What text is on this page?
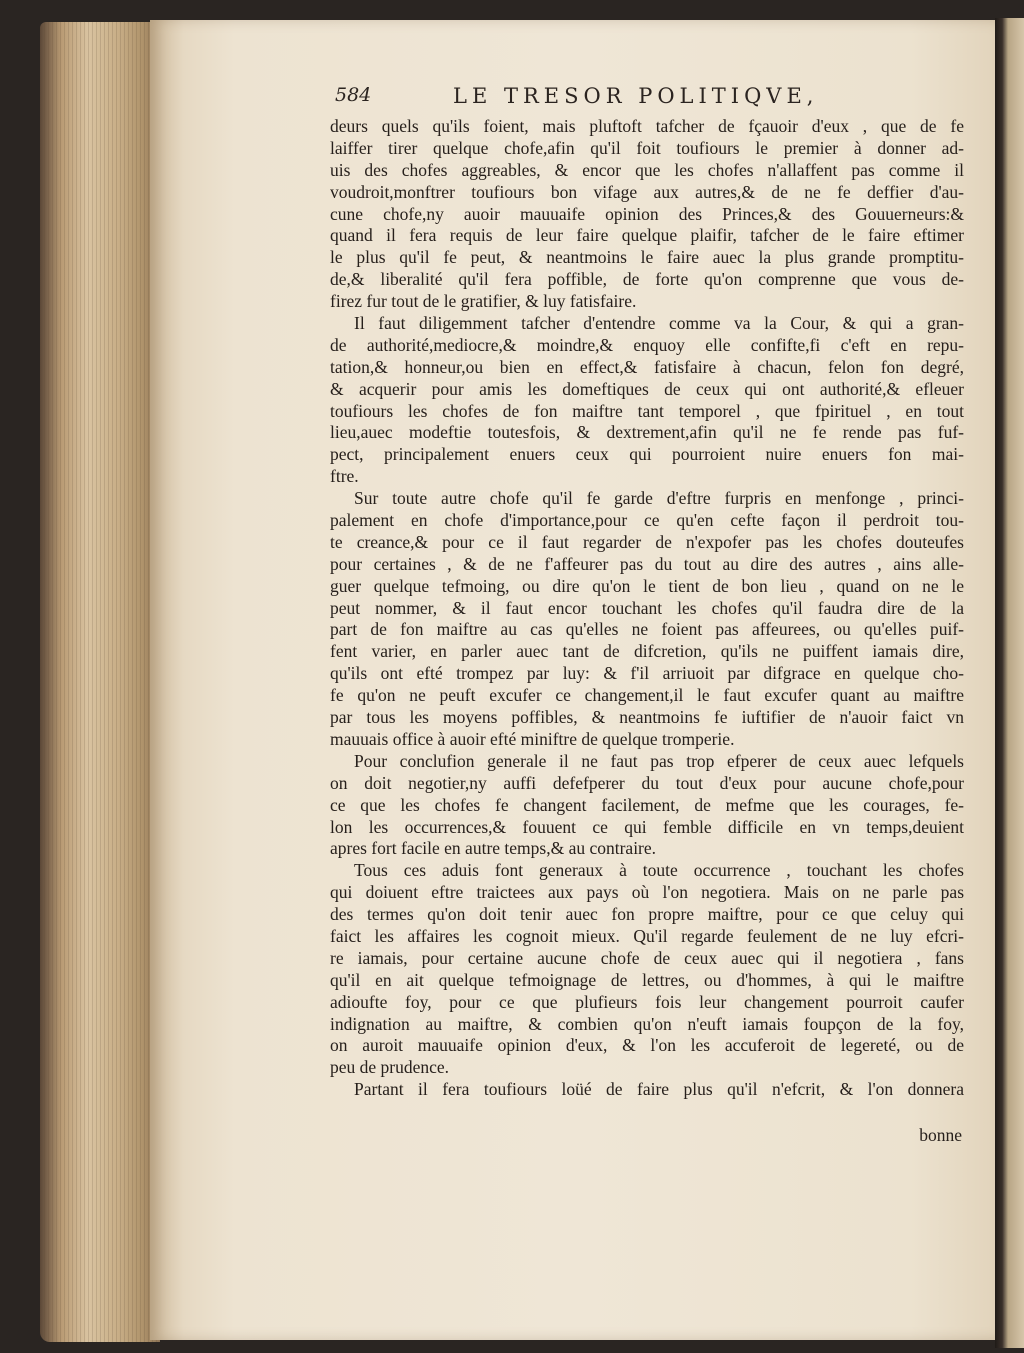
584	LE TRESOR POLITIQVE,
deurs quels qu'ils foient, mais pluftoft tafcher de fçauoir d'eux , que de fe
laiffer tirer quelque chofe,afin qu'il foit toufiours le premier à donner ad-
uis des chofes aggreables, & encor que les chofes n'allaffent pas comme il
voudroit,monftrer toufiours bon vifage aux autres,& de ne fe deffier d'au-
cune chofe,ny auoir mauuaife opinion des Princes,& des Gouuerneurs:&
quand il fera requis de leur faire quelque plaifir, tafcher de le faire eftimer
le plus qu'il fe peut, & neantmoins le faire auec la plus grande promptitu-
de,& liberalité qu'il fera poffible, de forte qu'on comprenne que vous de-
firez fur tout de le gratifier, & luy fatisfaire.
Il faut diligemment tafcher d'entendre comme va la Cour, & qui a gran-
de authorité,mediocre,& moindre,& enquoy elle confifte,fi c'eft en repu-
tation,& honneur,ou bien en effect,& fatisfaire à chacun, felon fon degré,
& acquerir pour amis les domeftiques de ceux qui ont authorité,& efleuer
toufiours les chofes de fon maiftre tant temporel , que fpirituel , en tout
lieu,auec modeftie toutesfois, & dextrement,afin qu'il ne fe rende pas fuf-
pect, principalement enuers ceux qui pourroient nuire enuers fon mai-
ftre.
Sur toute autre chofe qu'il fe garde d'eftre furpris en menfonge , princi-
palement en chofe d'importance,pour ce qu'en cefte façon il perdroit tou-
te creance,& pour ce il faut regarder de n'expofer pas les chofes douteufes
pour certaines , & de ne f'affeurer pas du tout au dire des autres , ains alle-
guer quelque tefmoing, ou dire qu'on le tient de bon lieu , quand on ne le
peut nommer, & il faut encor touchant les chofes qu'il faudra dire de la
part de fon maiftre au cas qu'elles ne foient pas affeurees, ou qu'elles puif-
fent varier, en parler auec tant de difcretion, qu'ils ne puiffent iamais dire,
qu'ils ont efté trompez par luy: & f'il arriuoit par difgrace en quelque cho-
fe qu'on ne peuft excufer ce changement,il le faut excufer quant au maiftre
par tous les moyens poffibles, & neantmoins fe iuftifier de n'auoir faict vn
mauuais office à auoir efté miniftre de quelque tromperie.
Pour conclufion generale il ne faut pas trop efperer de ceux auec lefquels
on doit negotier,ny auffi defefperer du tout d'eux pour aucune chofe,pour
ce que les chofes fe changent facilement, de mefme que les courages, fe-
lon les occurrences,& fouuent ce qui femble difficile en vn temps,deuient
apres fort facile en autre temps,& au contraire.
Tous ces aduis font generaux à toute occurrence , touchant les chofes
qui doiuent eftre traictees aux pays où l'on negotiera. Mais on ne parle pas
des termes qu'on doit tenir auec fon propre maiftre, pour ce que celuy qui
faict les affaires les cognoit mieux. Qu'il regarde feulement de ne luy efcri-
re iamais, pour certaine aucune chofe de ceux auec qui il negotiera , fans
qu'il en ait quelque tefmoignage de lettres, ou d'hommes, à qui le maiftre
adioufte foy, pour ce que plufieurs fois leur changement pourroit caufer
indignation au maiftre, & combien qu'on n'euft iamais foupçon de la foy,
on auroit mauuaife opinion d'eux, & l'on les accuferoit de legereté, ou de
peu de prudence.
Partant il fera toufiours loüé de faire plus qu'il n'efcrit, & l'on donnera
bonne
